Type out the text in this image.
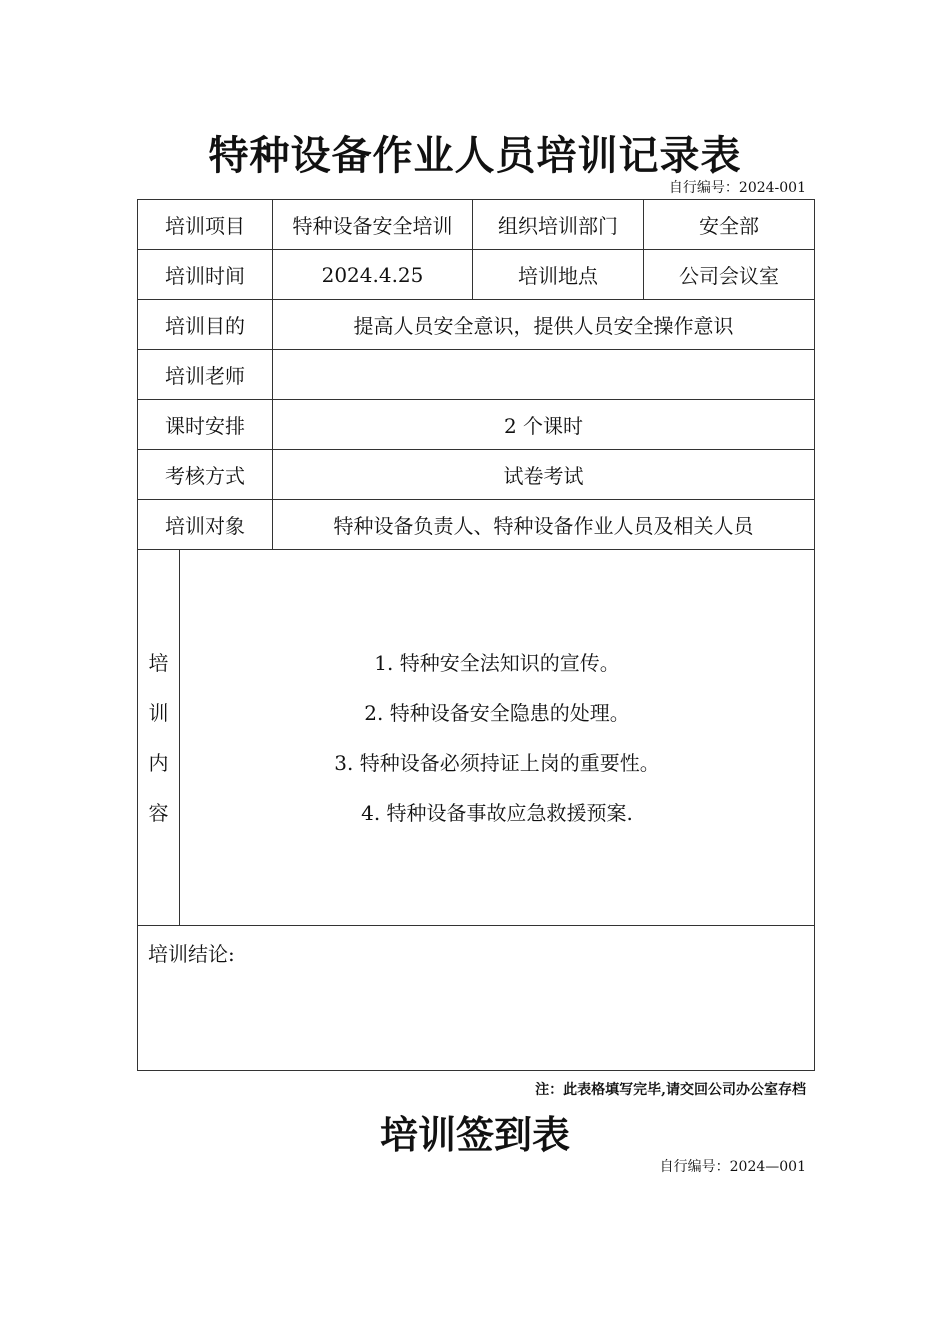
特种设备作业人员培训记录表
自行编号：2024-001
培训项目		特种设备安全培训	组织培训部门	安全部
培训时间		2024.4.25	培训地点	公司会议室
培训目的		提高人员安全意识，提供人员安全操作意识		
培训老师				
课时安排		2 个课时		
考核方式		试卷考试		
培训对象		特种设备负责人、特种设备作业人员及相关人员		

培
训
内
容	1. 特种安全法知识的宣传。
2. 特种设备安全隐患的处理。
3. 特种设备必须持证上岗的重要性。
4. 特种设备事故应急救援预案.			

培训结论:				
注：此表格填写完毕,请交回公司办公室存档
培训签到表
自行编号：2024—001
